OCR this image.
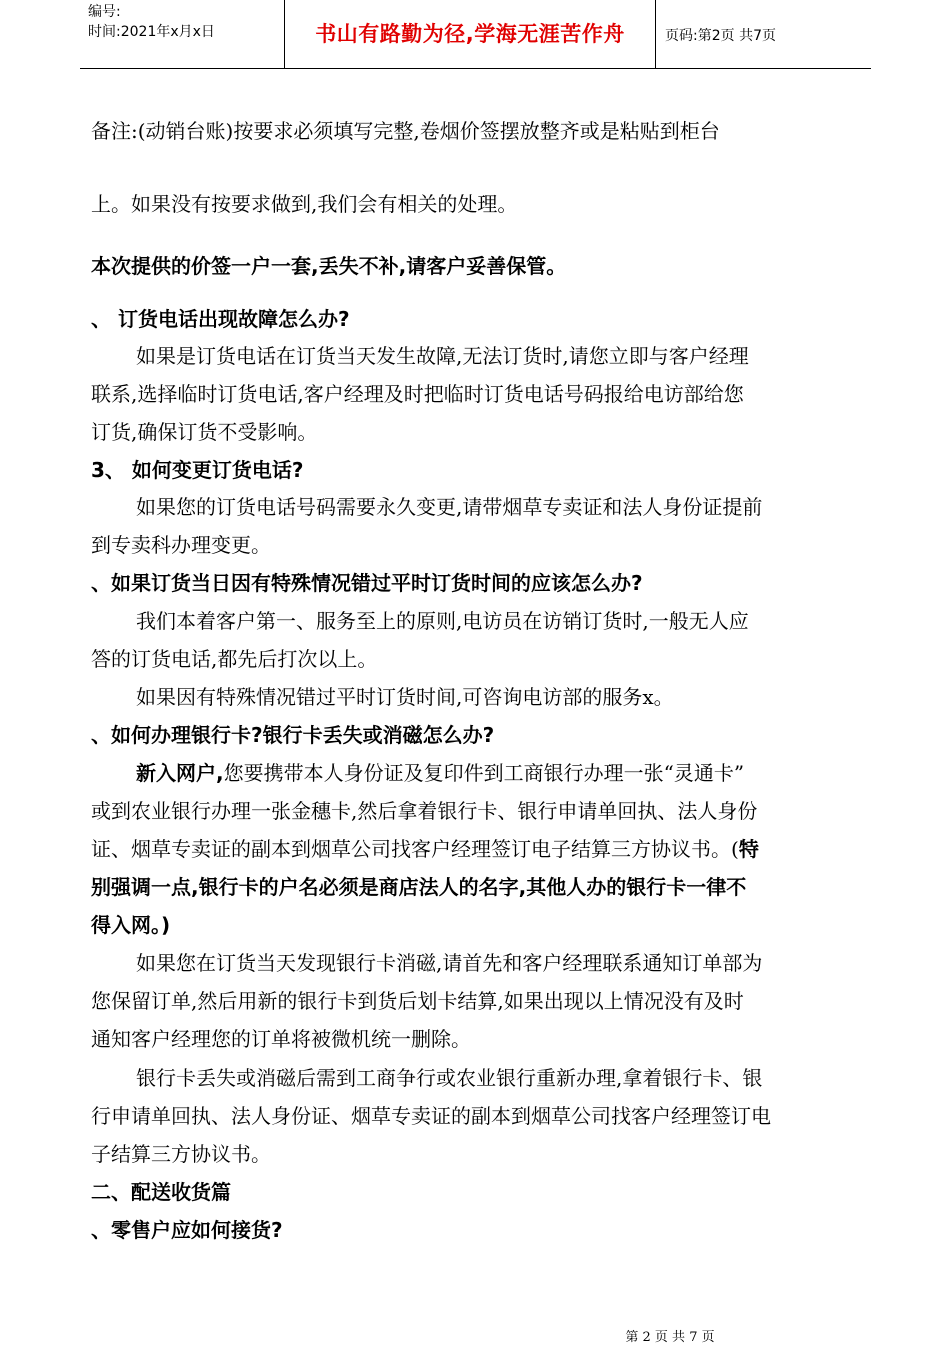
编号:
时间:2021年x月x日	书山有路勤为径,学海无涯苦作舟	页码:第2页 共7页
备注:(动销台账)按要求必须填写完整,卷烟价签摆放整齐或是粘贴到柜台
上。如果没有按要求做到,我们会有相关的处理。
本次提供的价签一户一套,丢失不补,请客户妥善保管。
、 订货电话出现故障怎么办?
如果是订货电话在订货当天发生故障,无法订货时,请您立即与客户经理
联系,选择临时订货电话,客户经理及时把临时订货电话号码报给电访部给您
订货,确保订货不受影响。
3、 如何变更订货电话?
如果您的订货电话号码需要永久变更,请带烟草专卖证和法人身份证提前
到专卖科办理变更。
、如果订货当日因有特殊情况错过平时订货时间的应该怎么办?
我们本着客户第一、服务至上的原则,电访员在访销订货时,一般无人应
答的订货电话,都先后打次以上。
如果因有特殊情况错过平时订货时间,可咨询电访部的服务x。
、如何办理银行卡?银行卡丢失或消磁怎么办?
新入网户,您要携带本人身份证及复印件到工商银行办理一张“灵通卡”
或到农业银行办理一张金穗卡,然后拿着银行卡、银行申请单回执、法人身份
证、烟草专卖证的副本到烟草公司找客户经理签订电子结算三方协议书。(特
别强调一点,银行卡的户名必须是商店法人的名字,其他人办的银行卡一律不
得入网。)
如果您在订货当天发现银行卡消磁,请首先和客户经理联系通知订单部为
您保留订单,然后用新的银行卡到货后划卡结算,如果出现以上情况没有及时
通知客户经理您的订单将被微机统一删除。
银行卡丢失或消磁后需到工商争行或农业银行重新办理,拿着银行卡、银
行申请单回执、法人身份证、烟草专卖证的副本到烟草公司找客户经理签订电
子结算三方协议书。
二、配送收货篇
、零售户应如何接货?
第 2 页 共 7 页
